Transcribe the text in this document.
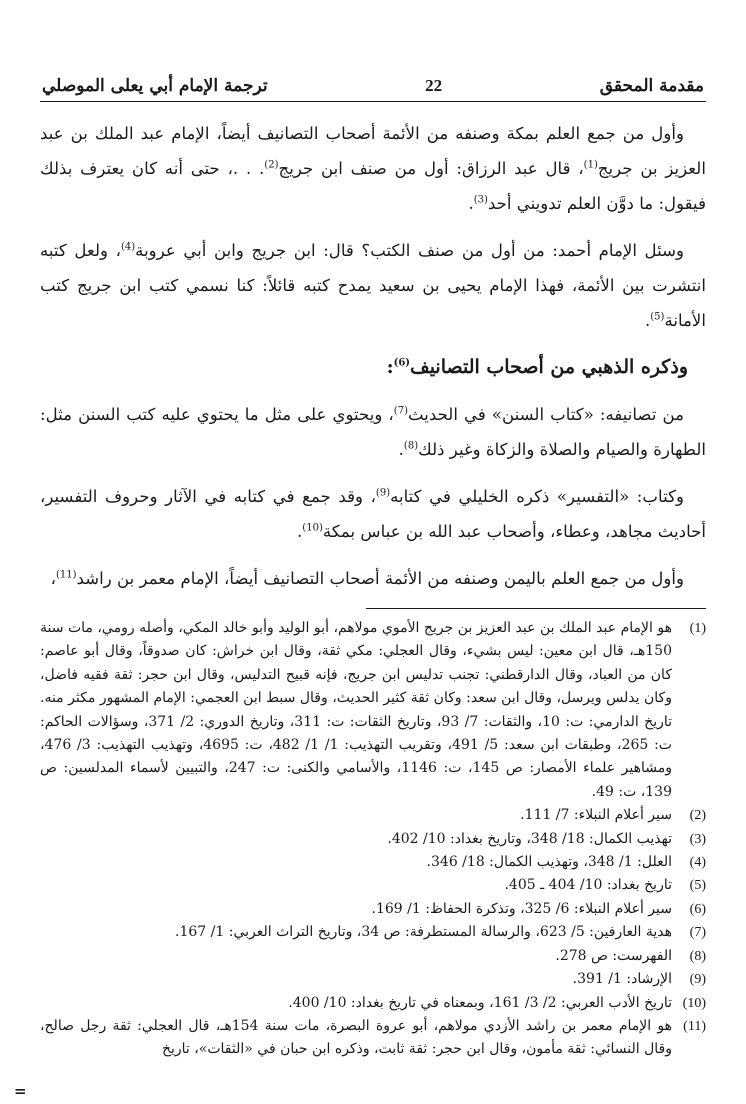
مقدمة المحقق
22
ترجمة الإمام أبي يعلى الموصلي

وأول من جمع العلم بمكة وصنفه من الأئمة أصحاب التصانيف أيضاً، الإمام عبد الملك بن عبد العزيز بن جريج$^{(1)}$، قال عبد الرزاق: أول من صنف ابن جريج$^{(2)}$. . .، حتى أنه كان يعترف بذلك فيقول: ما دوَّن العلم تدويني أحد$^{(3)}$.

وسئل الإمام أحمد: من أول من صنف الكتب؟ قال: ابن جريج وابن أبي عروبة$^{(4)}$، ولعل كتبه انتشرت بين الأئمة، فهذا الإمام يحيى بن سعيد يمدح كتبه قائلاً: كنا نسمي كتب ابن جريج كتب الأمانة$^{(5)}$.

وذكره الذهبي من أصحاب التصانيف$^{(6)}$:

من تصانيفه: «كتاب السنن» في الحديث$^{(7)}$، ويحتوي على مثل ما يحتوي عليه كتب السنن مثل: الطهارة والصيام والصلاة والزكاة وغير ذلك$^{(8)}$.

وكتاب: «التفسير» ذكره الخليلي في كتابه$^{(9)}$، وقد جمع في كتابه في الآثار وحروف التفسير، أحاديث مجاهد، وعطاء، وأصحاب عبد الله بن عباس بمكة$^{(10)}$.

وأول من جمع العلم باليمن وصنفه من الأئمة أصحاب التصانيف أيضاً، الإمام معمر بن راشد$^{(11)}$،

(1)
هو الإمام عبد الملك بن عبد العزيز بن جريج الأموي مولاهم، أبو الوليد وأبو خالد المكي، وأصله رومي، مات سنة 150هـ، قال ابن معين: ليس بشيء، وقال العجلي: مكي ثقة، وقال ابن خراش: كان صدوقاً، وقال أبو عاصم: كان من العباد، وقال الدارقطني: تجنب تدليس ابن جريج، فإنه قبيح التدليس، وقال ابن حجر: ثقة فقيه فاضل، وكان يدلس ويرسل، وقال ابن سعد: وكان ثقة كثير الحديث، وقال سبط ابن العجمي: الإمام المشهور مكثر منه. تاريخ الدارمي: ت: 10، والثقات: 7/ 93، وتاريخ الثقات: ت: 311، وتاريخ الدوري: 2/ 371، وسؤالات الحاكم: ت: 265، وطبقات ابن سعد: 5/ 491، وتقريب التهذيب: 1/ 1/ 482، ت: 4695، وتهذيب التهذيب: 3/ 476، ومشاهير علماء الأمصار: ص 145، ت: 1146، والأسامي والكنى: ت: 247، والتبيين لأسماء المدلسين: ص 139، ت: 49.
(2)
سير أعلام النبلاء: 7/ 111.
(3)
تهذيب الكمال: 18/ 348، وتاريخ بغداد: 10/ 402.
(4)
العلل: 1/ 348، وتهذيب الكمال: 18/ 346.
(5)
تاريخ بغداد: 10/ 404 ـ 405.
(6)
سير أعلام النبلاء: 6/ 325، وتذكرة الحفاظ: 1/ 169.
(7)
هدية العارفين: 5/ 623، والرسالة المستطرفة: ص 34، وتاريخ التراث العربي: 1/ 167.
(8)
الفهرست: ص 278.
(9)
الإرشاد: 1/ 391.
(10)
تاريخ الأدب العربي: 2/ 3/ 161، وبمعناه في تاريخ بغداد: 10/ 400.
(11)
هو الإمام معمر بن راشد الأزدي مولاهم، أبو عروة البصرة، مات سنة 154هـ، قال العجلي: ثقة رجل صالح، وقال النسائي: ثقة مأمون، وقال ابن حجر: ثقة ثابت، وذكره ابن حبان في «الثقات»، تاريخ
=
